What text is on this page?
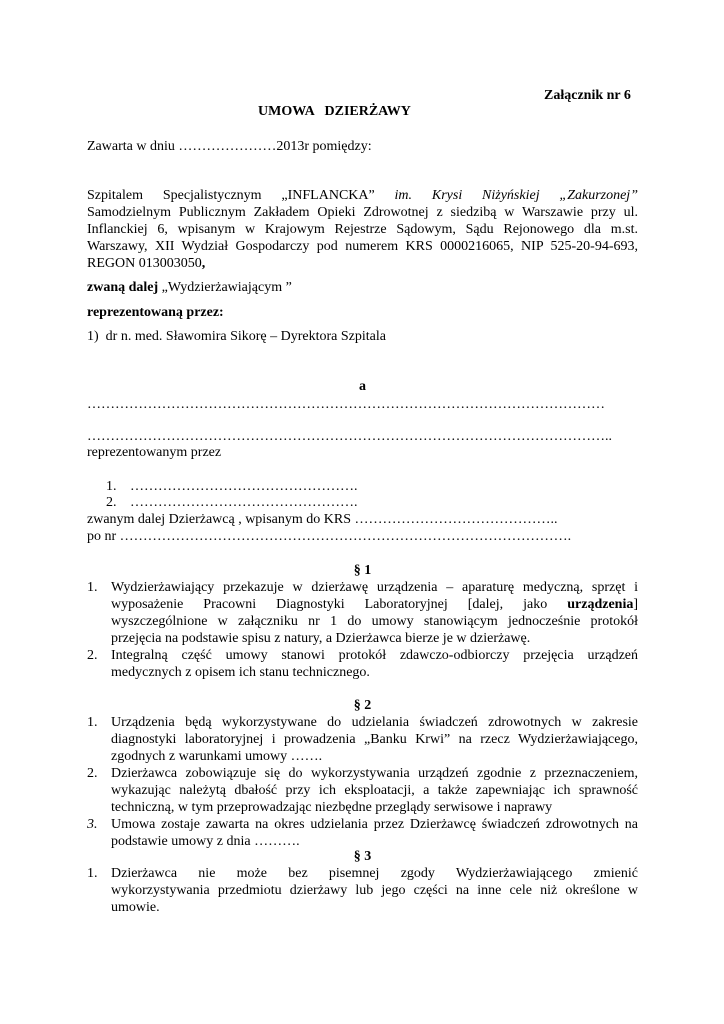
Załącznik nr 6
UMOWA   DZIERŻAWY
Zawarta w dniu …………………2013r pomiędzy:
Szpitalem Specjalistycznym „INFLANCKA” im. Krysi Niżyńskiej „Zakurzonej”
Samodzielnym Publicznym Zakładem Opieki Zdrowotnej z siedzibą w Warszawie przy ul.
Inflanckiej 6, wpisanym w Krajowym Rejestrze Sądowym, Sądu Rejonowego dla m.st.
Warszawy, XII Wydział Gospodarczy pod numerem KRS 0000216065, NIP 525-20-94-693,
REGON 013003050,
zwaną dalej „Wydzierżawiającym ”
reprezentowaną przez:
1)  dr n. med. Sławomira Sikorę – Dyrektora Szpitala
a
…………………………………………………………………………………………………
…………………………………………………………………………………………………..
reprezentowanym przez
1. ………………………………………….
2. ………………………………………….
zwanym dalej Dzierżawcą , wpisanym do KRS ……………………………………..
po nr …………………………………………………………………………………….
§ 1
1. Wydzierżawiający przekazuje w dzierżawę urządzenia – aparaturę medyczną, sprzęt i
wyposażenie Pracowni Diagnostyki Laboratoryjnej [dalej, jako urządzenia]
wyszczególnione w załączniku nr 1 do umowy stanowiącym jednocześnie protokół
przejęcia na podstawie spisu z natury, a Dzierżawca bierze je w dzierżawę.
2. Integralną część umowy stanowi protokół zdawczo-odbiorczy przejęcia urządzeń
medycznych z opisem ich stanu technicznego.
§ 2
1. Urządzenia będą wykorzystywane do udzielania świadczeń zdrowotnych w zakresie
diagnostyki laboratoryjnej i prowadzenia „Banku Krwi” na rzecz Wydzierżawiającego,
zgodnych z warunkami umowy …….
2. Dzierżawca zobowiązuje się do wykorzystywania urządzeń zgodnie z przeznaczeniem,
wykazując należytą dbałość przy ich eksploatacji, a także zapewniając ich sprawność
techniczną, w tym przeprowadzając niezbędne przeglądy serwisowe i naprawy
3. Umowa zostaje zawarta na okres udzielania przez Dzierżawcę świadczeń zdrowotnych na
podstawie umowy z dnia ……….
§ 3
1. Dzierżawca nie może bez pisemnej zgody Wydzierżawiającego zmienić
wykorzystywania przedmiotu dzierżawy lub jego części na inne cele niż określone w
umowie.
